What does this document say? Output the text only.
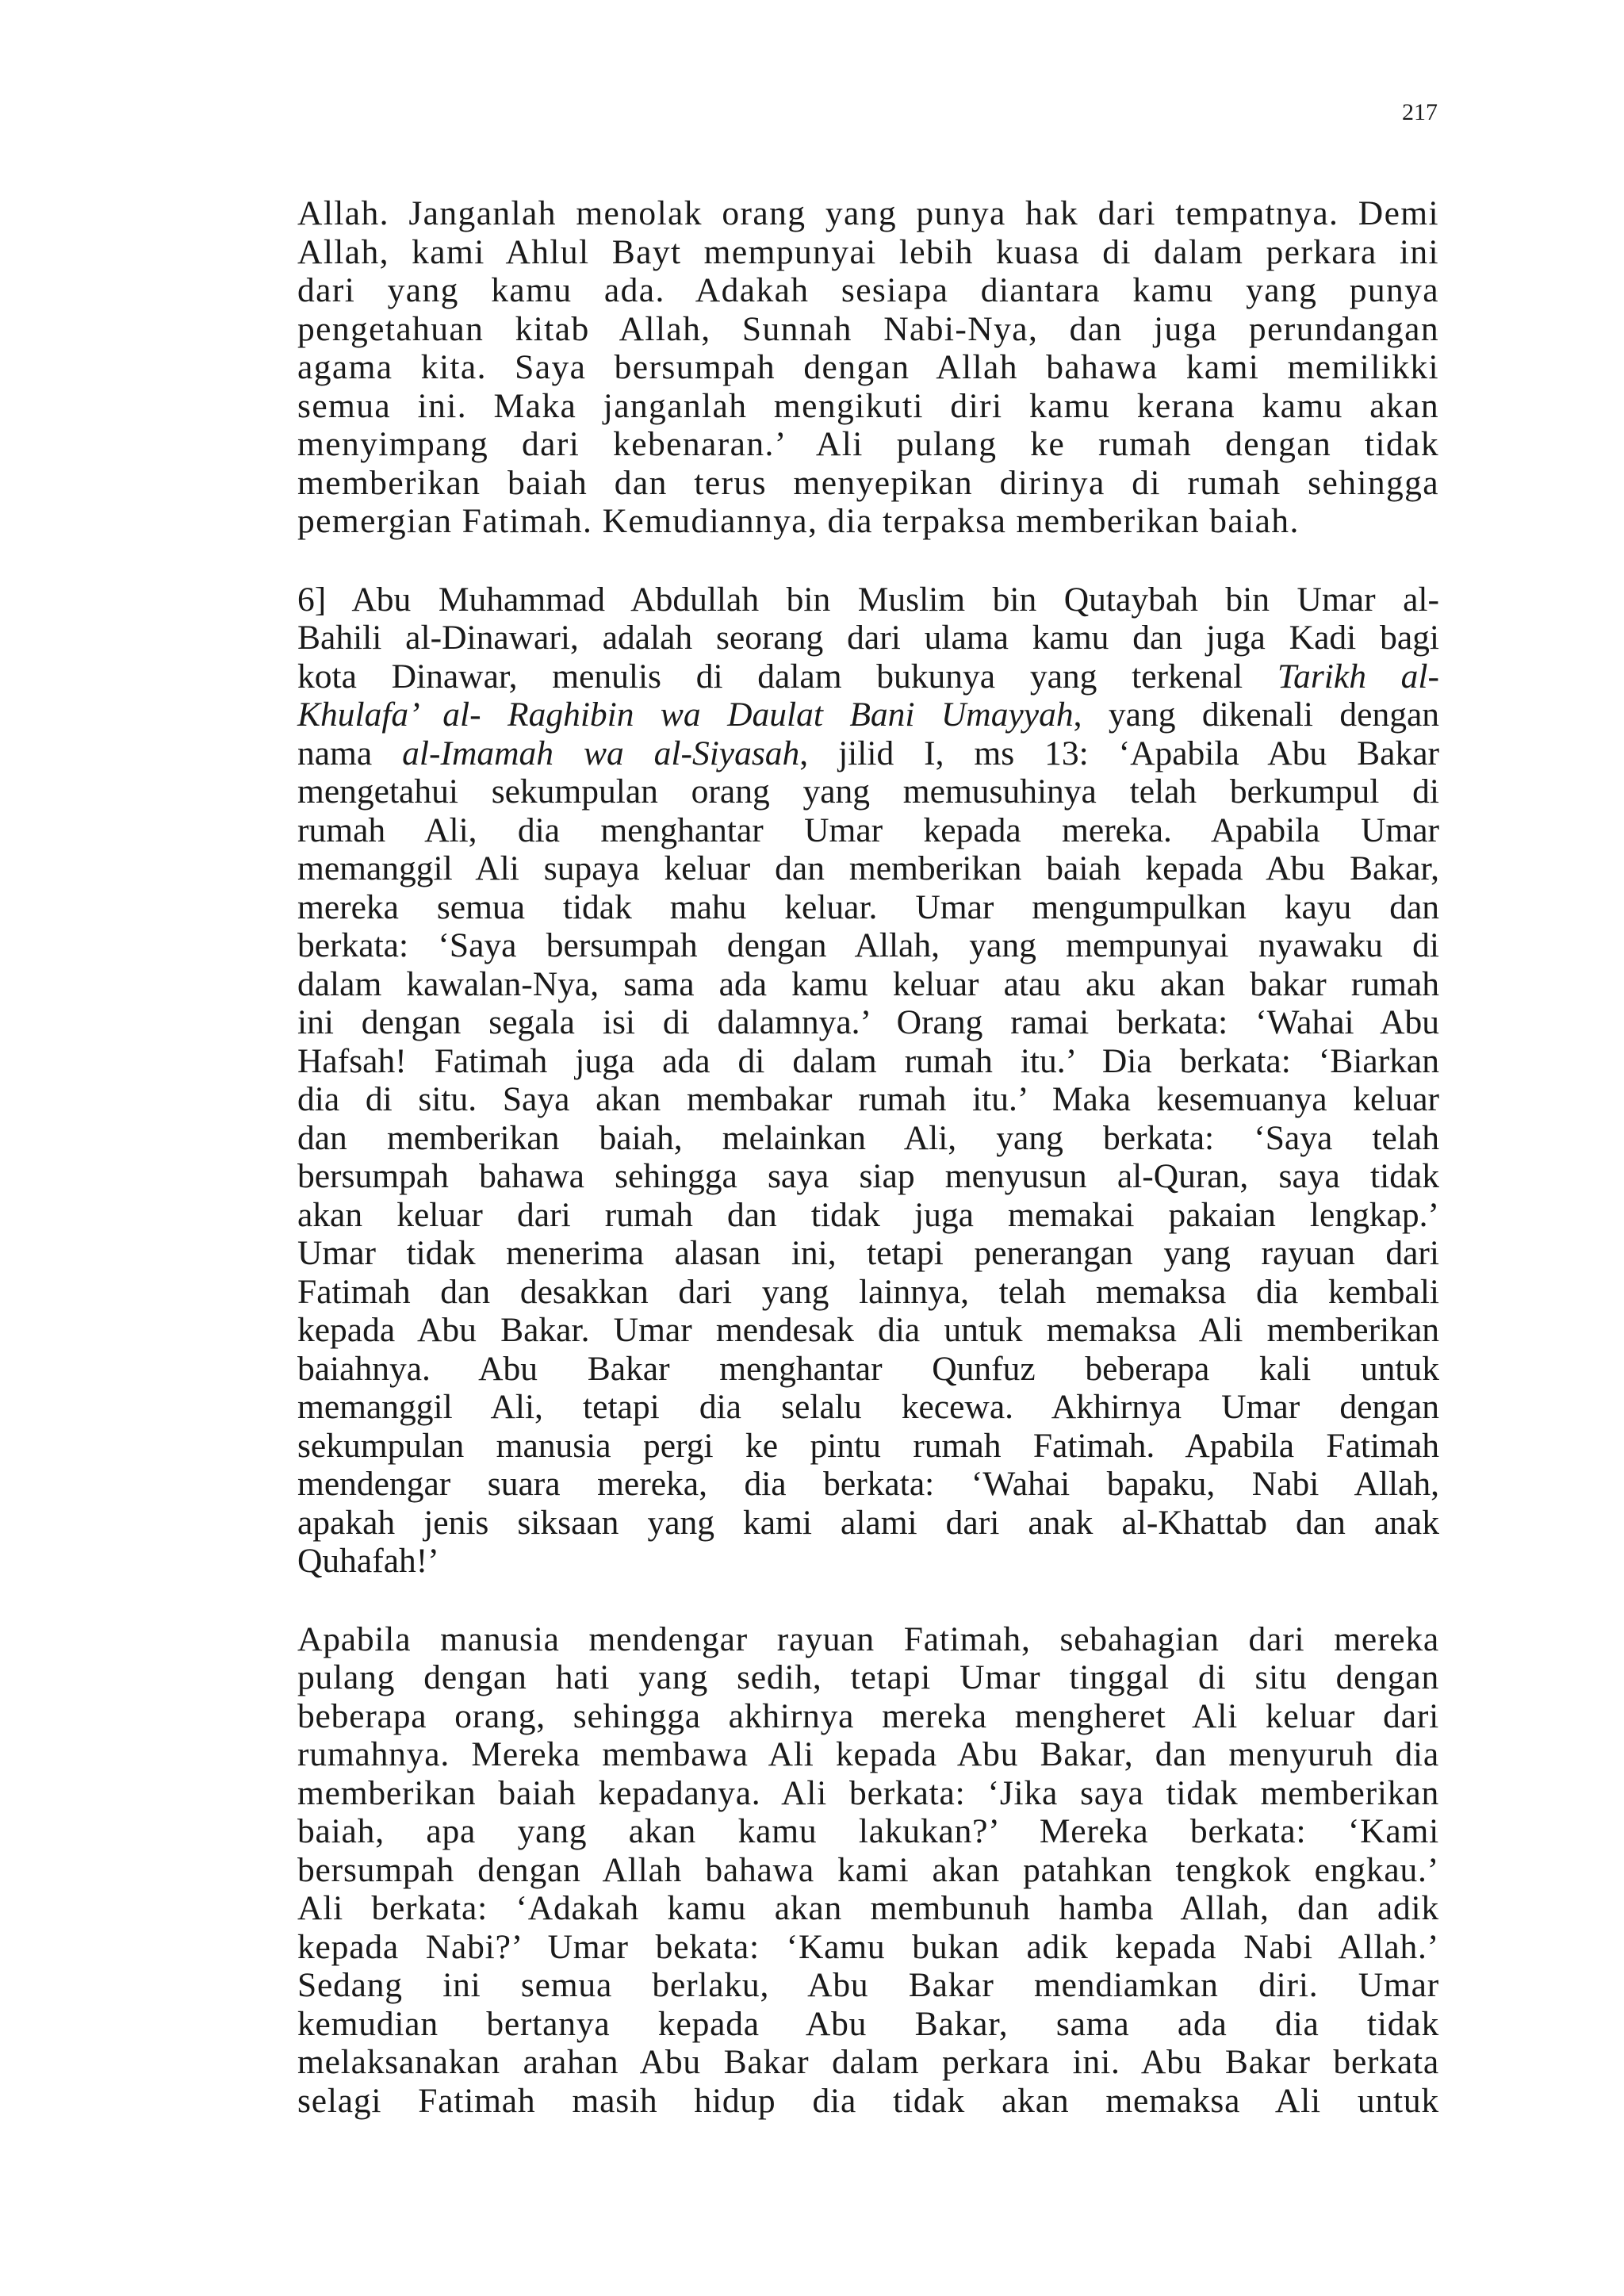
217
Allah. Janganlah menolak orang yang punya hak dari tempatnya. Demi
Allah, kami Ahlul Bayt mempunyai lebih kuasa di dalam perkara ini
dari yang kamu ada. Adakah sesiapa diantara kamu yang punya
pengetahuan kitab Allah, Sunnah Nabi-Nya, dan juga perundangan
agama kita. Saya bersumpah dengan Allah bahawa kami memilikki
semua ini. Maka janganlah mengikuti diri kamu kerana kamu akan
menyimpang dari kebenaran.’ Ali pulang ke rumah dengan tidak
memberikan baiah dan terus menyepikan dirinya di rumah sehingga
pemergian Fatimah. Kemudiannya, dia terpaksa memberikan baiah.
6] Abu Muhammad Abdullah bin Muslim bin Qutaybah bin Umar al-
Bahili al-Dinawari, adalah seorang dari ulama kamu dan juga Kadi bagi
kota Dinawar, menulis di dalam bukunya yang terkenal Tarikh al-
Khulafa’ al- Raghibin wa Daulat Bani Umayyah, yang dikenali dengan
nama al-Imamah wa al-Siyasah, jilid I, ms 13: ‘Apabila Abu Bakar
mengetahui sekumpulan orang yang memusuhinya telah berkumpul di
rumah Ali, dia menghantar Umar kepada mereka. Apabila Umar
memanggil Ali supaya keluar dan memberikan baiah kepada Abu Bakar,
mereka semua tidak mahu keluar. Umar mengumpulkan kayu dan
berkata: ‘Saya bersumpah dengan Allah, yang mempunyai nyawaku di
dalam kawalan-Nya, sama ada kamu keluar atau aku akan bakar rumah
ini dengan segala isi di dalamnya.’ Orang ramai berkata: ‘Wahai Abu
Hafsah! Fatimah juga ada di dalam rumah itu.’ Dia berkata: ‘Biarkan
dia di situ. Saya akan membakar rumah itu.’ Maka kesemuanya keluar
dan memberikan baiah, melainkan Ali, yang berkata: ‘Saya telah
bersumpah bahawa sehingga saya siap menyusun al-Quran, saya tidak
akan keluar dari rumah dan tidak juga memakai pakaian lengkap.’
Umar tidak menerima alasan ini, tetapi penerangan yang rayuan dari
Fatimah dan desakkan dari yang lainnya, telah memaksa dia kembali
kepada Abu Bakar. Umar mendesak dia untuk memaksa Ali memberikan
baiahnya. Abu Bakar menghantar Qunfuz beberapa kali untuk
memanggil Ali, tetapi dia selalu kecewa. Akhirnya Umar dengan
sekumpulan manusia pergi ke pintu rumah Fatimah. Apabila Fatimah
mendengar suara mereka, dia berkata: ‘Wahai bapaku, Nabi Allah,
apakah jenis siksaan yang kami alami dari anak al-Khattab dan anak
Quhafah!’
Apabila manusia mendengar rayuan Fatimah, sebahagian dari mereka
pulang dengan hati yang sedih, tetapi Umar tinggal di situ dengan
beberapa orang, sehingga akhirnya mereka mengheret Ali keluar dari
rumahnya. Mereka membawa Ali kepada Abu Bakar, dan menyuruh dia
memberikan baiah kepadanya. Ali berkata: ‘Jika saya tidak memberikan
baiah, apa yang akan kamu lakukan?’ Mereka berkata: ‘Kami
bersumpah dengan Allah bahawa kami akan patahkan tengkok engkau.’
Ali berkata: ‘Adakah kamu akan membunuh hamba Allah, dan adik
kepada Nabi?’ Umar bekata: ‘Kamu bukan adik kepada Nabi Allah.’
Sedang ini semua berlaku, Abu Bakar mendiamkan diri. Umar
kemudian bertanya kepada Abu Bakar, sama ada dia tidak
melaksanakan arahan Abu Bakar dalam perkara ini. Abu Bakar berkata
selagi Fatimah masih hidup dia tidak akan memaksa Ali untuk
